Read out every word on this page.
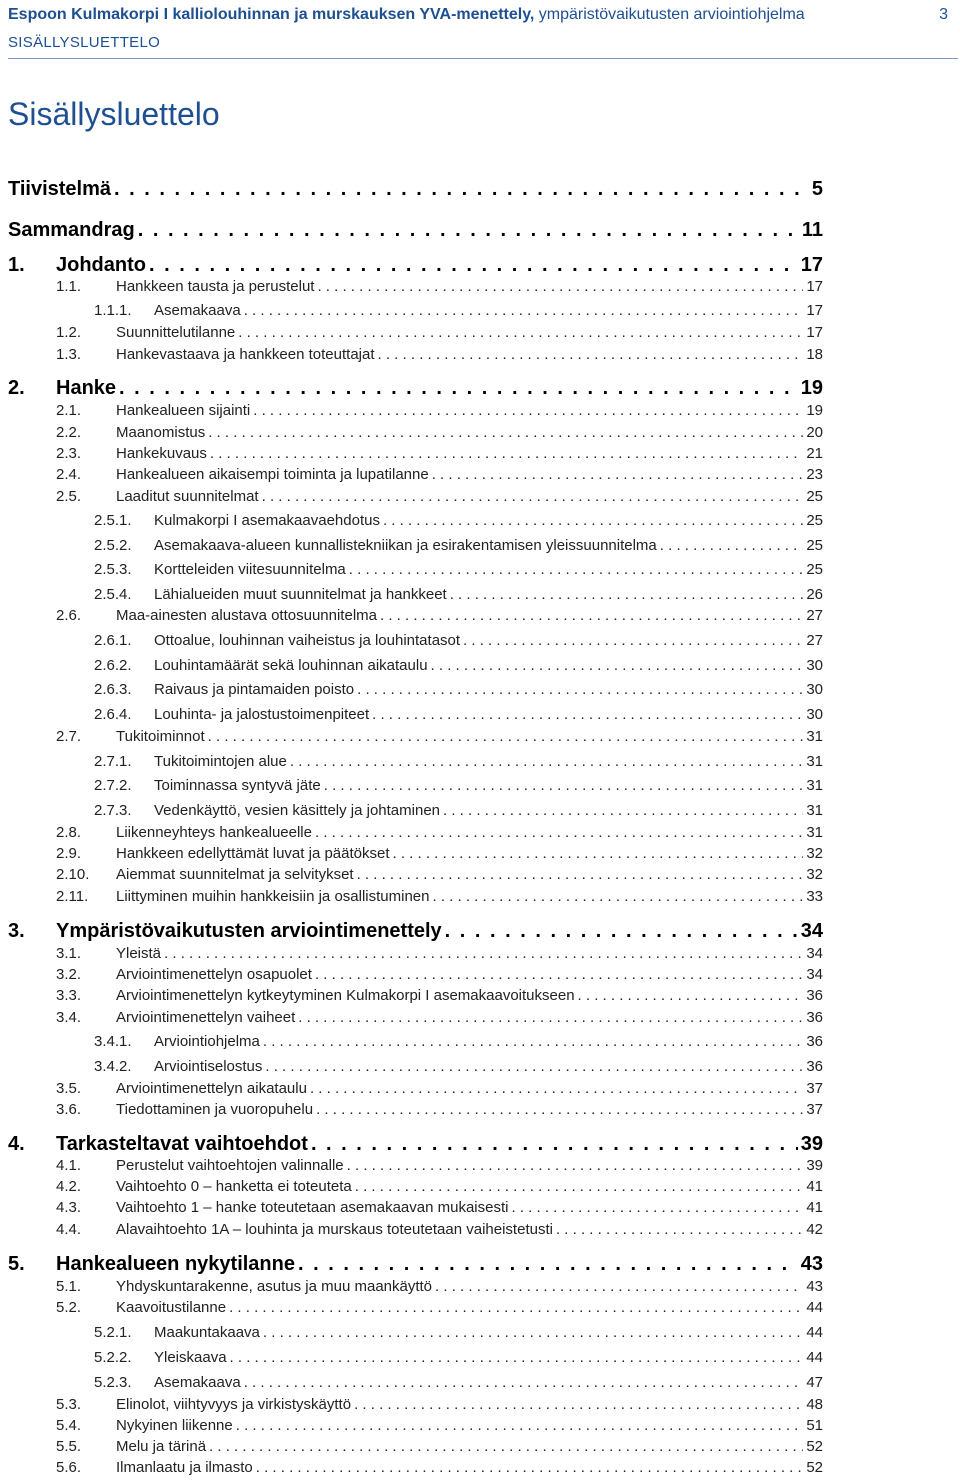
Espoon Kulmakorpi I kalliolouhinnan ja murskauksen YVA-menettely, ympäristövaikutusten arviointiohjelma	3
SISÄLLYSLUETTELO
Sisällysluettelo
Tiivistelmä . . .	5
Sammandrag . . .	11
1.	Johdanto . . .	17
1.1.	Hankkeen tausta ja perustelut . . .	17
1.1.1.	Asemakaava . . .	17
1.2.	Suunnittelutilanne . . .	17
1.3.	Hankevastaava ja hankkeen toteuttajat . . .	18
2.	Hanke . . .	19
2.1.	Hankealueen sijainti . . .	19
2.2.	Maanomistus . . .	20
2.3.	Hankekuvaus . . .	21
2.4.	Hankealueen aikaisempi toiminta ja lupatilanne . . .	23
2.5.	Laaditut suunnitelmat . . .	25
2.5.1.	Kulmakorpi I asemakaavaehdotus . . .	25
2.5.2.	Asemakaava-alueen kunnallistekniikan ja esirakentamisen yleissuunnitelma . . .	25
2.5.3.	Kortteleiden viitesuunnitelma . . .	25
2.5.4.	Lähialueiden muut suunnitelmat ja hankkeet . . .	26
2.6.	Maa-ainesten alustava ottosuunnitelma . . .	27
2.6.1.	Ottoalue, louhinnan vaiheistus ja louhintatasot . . .	27
2.6.2.	Louhintamäärät sekä louhinnan aikataulu . . .	30
2.6.3.	Raivaus ja pintamaiden poisto . . .	30
2.6.4.	Louhinta- ja jalostustoimenpiteet . . .	30
2.7.	Tukitoiminnot . . .	31
2.7.1.	Tukitoimintojen alue . . .	31
2.7.2.	Toiminnassa syntyvä jäte . . .	31
2.7.3.	Vedenkäyttö, vesien käsittely ja johtaminen . . .	31
2.8.	Liikenneyhteys hankealueelle . . .	31
2.9.	Hankkeen edellyttämät luvat ja päätökset . . .	32
2.10.	Aiemmat suunnitelmat ja selvitykset . . .	32
2.11.	Liittyminen muihin hankkeisiin ja osallistuminen . . .	33
3.	Ympäristövaikutusten arviointimenettely . . .	34
3.1.	Yleistä . . .	34
3.2.	Arviointimenettelyn osapuolet . . .	34
3.3.	Arviointimenettelyn kytkeytyminen Kulmakorpi I asemakaavoitukseen . . .	36
3.4.	Arviointimenettelyn vaiheet . . .	36
3.4.1.	Arviointiohjelma . . .	36
3.4.2.	Arviointiselostus . . .	36
3.5.	Arviointimenettelyn aikataulu . . .	37
3.6.	Tiedottaminen ja vuoropuhelu . . .	37
4.	Tarkasteltavat vaihtoehdot . . .	39
4.1.	Perustelut vaihtoehtojen valinnalle . . .	39
4.2.	Vaihtoehto 0 – hanketta ei toteuteta . . .	41
4.3.	Vaihtoehto 1 – hanke toteutetaan asemakaavan mukaisesti . . .	41
4.4.	Alavaihtoehto 1A – louhinta ja murskaus toteutetaan vaiheistetusti . . .	42
5.	Hankealueen nykytilanne . . .	43
5.1.	Yhdyskuntarakenne, asutus ja muu maankäyttö . . .	43
5.2.	Kaavoitustilanne . . .	44
5.2.1.	Maakuntakaava . . .	44
5.2.2.	Yleiskaava . . .	44
5.2.3.	Asemakaava . . .	47
5.3.	Elinolot, viihtyvyys ja virkistyskäyttö . . .	48
5.4.	Nykyinen liikenne . . .	51
5.5.	Melu ja tärinä . . .	52
5.6.	Ilmanlaatu ja ilmasto . . .	52
